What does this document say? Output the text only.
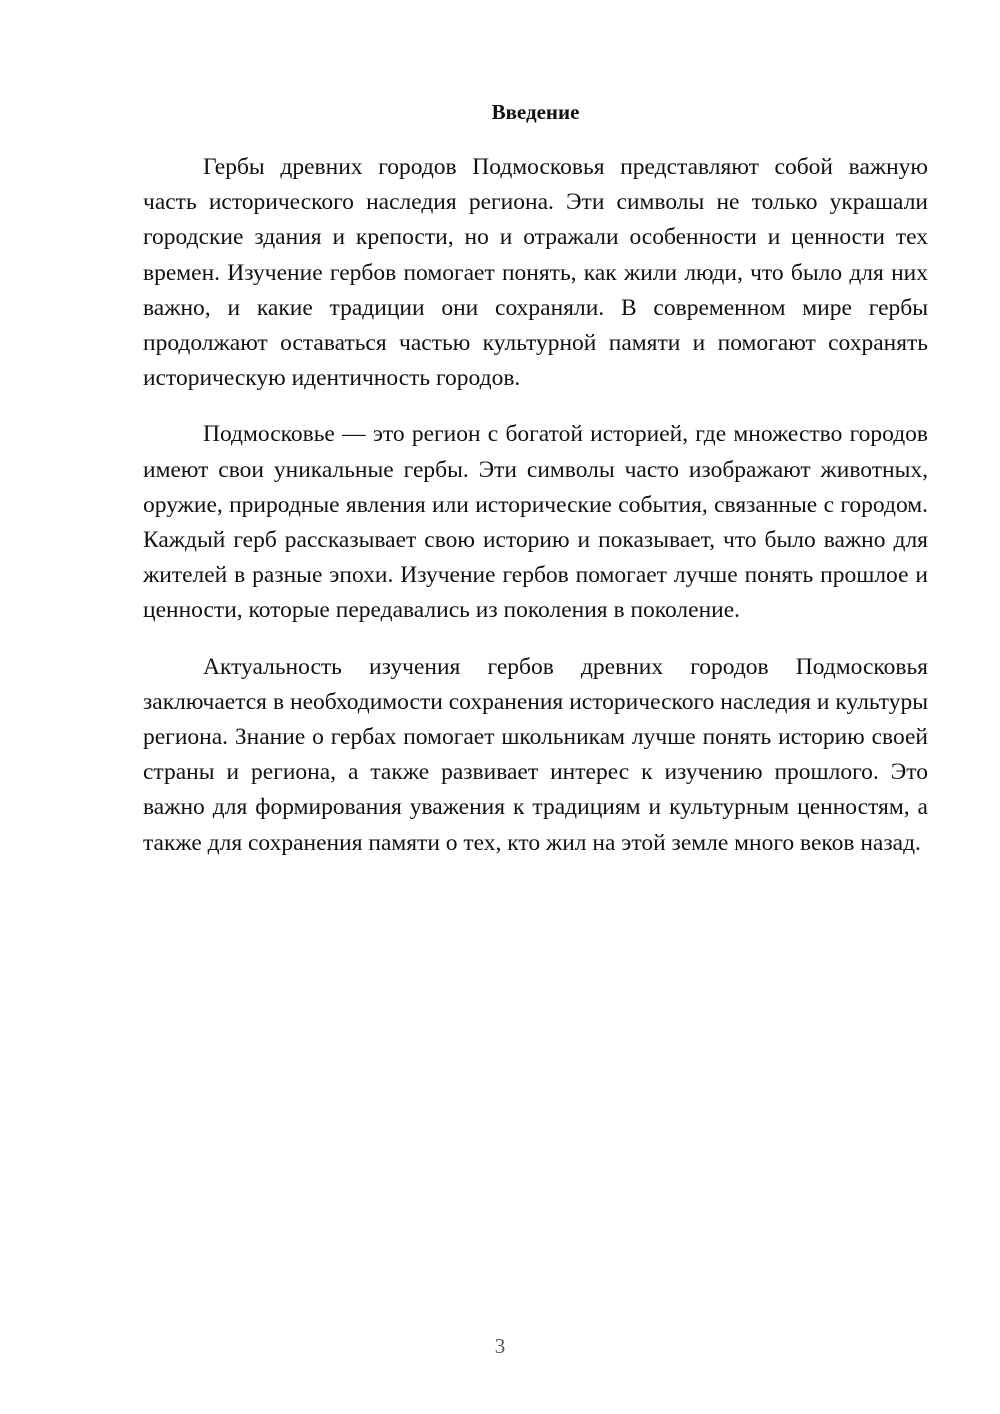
Введение

Гербы древних городов Подмосковья представляют собой важную часть исторического наследия региона. Эти символы не только украшали городские здания и крепости, но и отражали особенности и ценности тех времен. Изучение гербов помогает понять, как жили люди, что было для них важно, и какие традиции они сохраняли. В современном мире гербы продолжают оставаться частью культурной памяти и помогают сохранять историческую идентичность городов.

Подмосковье — это регион с богатой историей, где множество городов имеют свои уникальные гербы. Эти символы часто изображают животных, оружие, природные явления или исторические события, связанные с городом. Каждый герб рассказывает свою историю и показывает, что было важно для жителей в разные эпохи. Изучение гербов помогает лучше понять прошлое и ценности, которые передавались из поколения в поколение.

Актуальность изучения гербов древних городов Подмосковья заключается в необходимости сохранения исторического наследия и культуры региона. Знание о гербах помогает школьникам лучше понять историю своей страны и региона, а также развивает интерес к изучению прошлого. Это важно для формирования уважения к традициям и культурным ценностям, а также для сохранения памяти о тех, кто жил на этой земле много веков назад.

3
